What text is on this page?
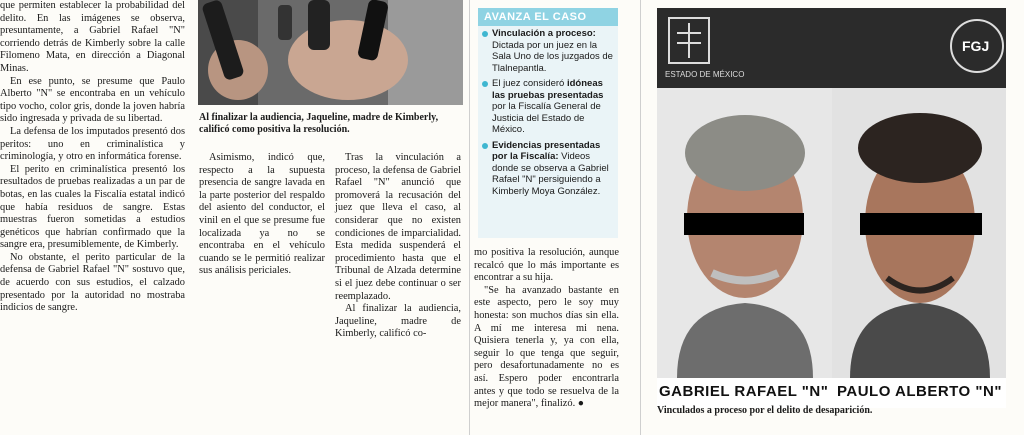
que permiten establecer la probabilidad del delito. En las imágenes se observa, presuntamente, a Gabriel Rafael "N" corriendo detrás de Kimberly sobre la calle Filomeno Mata, en dirección a Diagonal Minas.

En ese punto, se presume que Paulo Alberto "N" se encontraba en un vehículo tipo vocho, color gris, donde la joven habría sido ingresada y privada de su libertad.

La defensa de los imputados presentó dos peritos: uno en criminalística y criminología, y otro en informática forense.

El perito en criminalística presentó los resultados de pruebas realizadas a un par de botas, en las cuales la Fiscalía estatal indicó que había residuos de sangre. Estas muestras fueron sometidas a estudios genéticos que habrían confirmado que la sangre era, presumiblemente, de Kimberly.

No obstante, el perito particular de la defensa de Gabriel Rafael "N" sostuvo que, de acuerdo con sus estudios, el calzado presentado por la autoridad no mostraba indicios de sangre.

Al finalizar la audiencia, Jaqueline, madre de Kimberly, calificó como positiva la resolución.

Asimismo, indicó que, respecto a la supuesta presencia de sangre lavada en la parte posterior del respaldo del asiento del conductor, el vinil en el que se presume fue localizada ya no se encontraba en el vehículo cuando se le permitió realizar sus análisis periciales.

Tras la vinculación a proceso, la defensa de Gabriel Rafael "N" anunció que promoverá la recusación del juez que lleva el caso, al considerar que no existen condiciones de imparcialidad. Esta medida suspenderá el procedimiento hasta que el Tribunal de Alzada determine si el juez debe continuar o ser reemplazado.

Al finalizar la audiencia, Jaqueline, madre de Kimberly, calificó co-

AVANZA EL CASO
Vinculación a proceso: Dictada por un juez en la Sala Uno de los juzgados de Tlalnepantla.
El juez consideró idóneas las pruebas presentadas por la Fiscalía General de Justicia del Estado de México.
Evidencias presentadas por la Fiscalía: Videos donde se observa a Gabriel Rafael "N" persiguiendo a Kimberly Moya González.

mo positiva la resolución, aunque recalcó que lo más importante es encontrar a su hija.

"Se ha avanzado bastante en este aspecto, pero le soy muy honesta: son muchos días sin ella. A mí me interesa mi nena. Quisiera tenerla y, ya con ella, seguir lo que tenga que seguir, pero desafortunadamente no es así. Espero poder encontrarla antes y que todo se resuelva de la mejor manera", finalizó. ●

ESTADO DE MÉXICO
FGJ
GABRIEL RAFAEL "N" PAULO ALBERTO "N"
Vinculados a proceso por el delito de desaparición.
